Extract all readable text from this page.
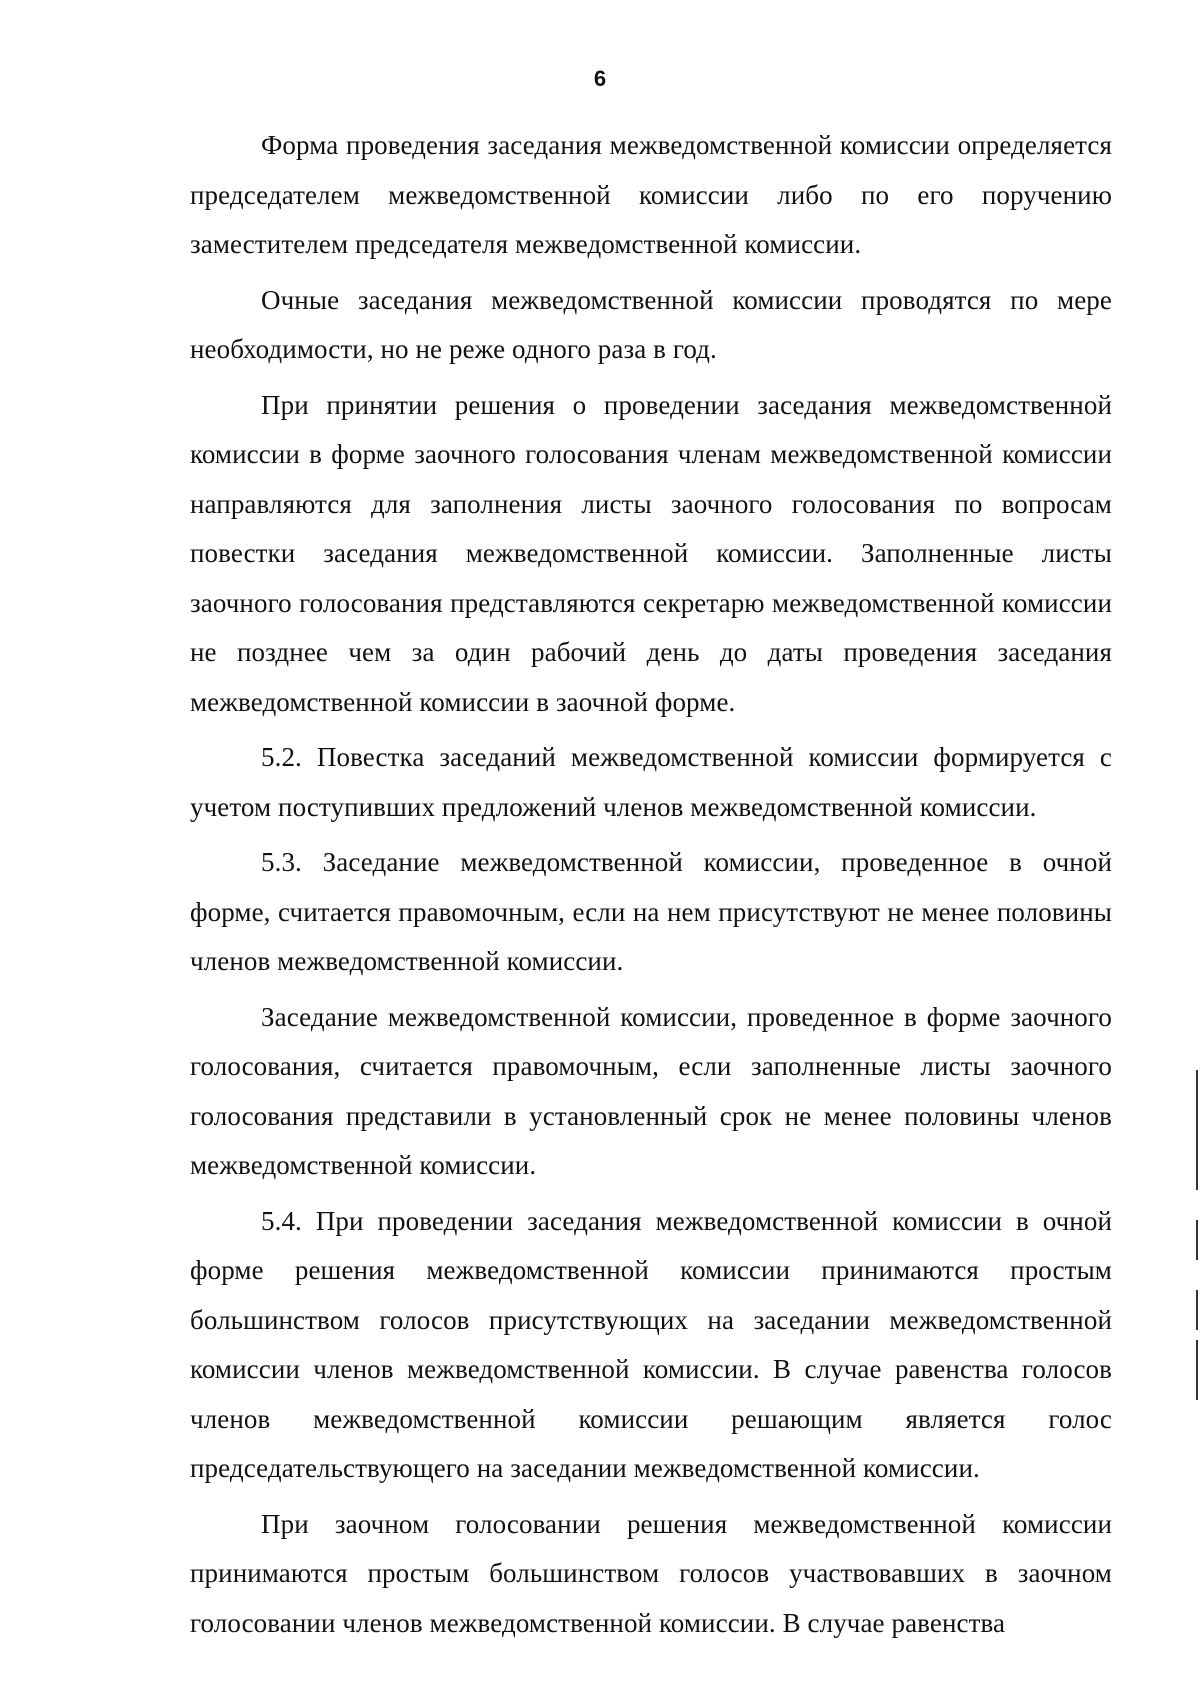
6

Форма проведения заседания межведомственной комиссии определяется председателем межведомственной комиссии либо по его поручению заместителем председателя межведомственной комиссии.

Очные заседания межведомственной комиссии проводятся по мере необходимости, но не реже одного раза в год.

При принятии решения о проведении заседания межведомственной комиссии в форме заочного голосования членам межведомственной комиссии направляются для заполнения листы заочного голосования по вопросам повестки заседания межведомственной комиссии. Заполненные листы заочного голосования представляются секретарю межведомственной комиссии не позднее чем за один рабочий день до даты проведения заседания межведомственной комиссии в заочной форме.

5.2. Повестка заседаний межведомственной комиссии формируется с учетом поступивших предложений членов межведомственной комиссии.

5.3. Заседание межведомственной комиссии, проведенное в очной форме, считается правомочным, если на нем присутствуют не менее половины членов межведомственной комиссии.

Заседание межведомственной комиссии, проведенное в форме заочного голосования, считается правомочным, если заполненные листы заочного голосования представили в установленный срок не менее половины членов межведомственной комиссии.

5.4. При проведении заседания межведомственной комиссии в очной форме решения межведомственной комиссии принимаются простым большинством голосов присутствующих на заседании межведомственной комиссии членов межведомственной комиссии. В случае равенства голосов членов межведомственной комиссии решающим является голос председательствующего на заседании межведомственной комиссии.

При заочном голосовании решения межведомственной комиссии принимаются простым большинством голосов участвовавших в заочном голосовании членов межведомственной комиссии. В случае равенства
